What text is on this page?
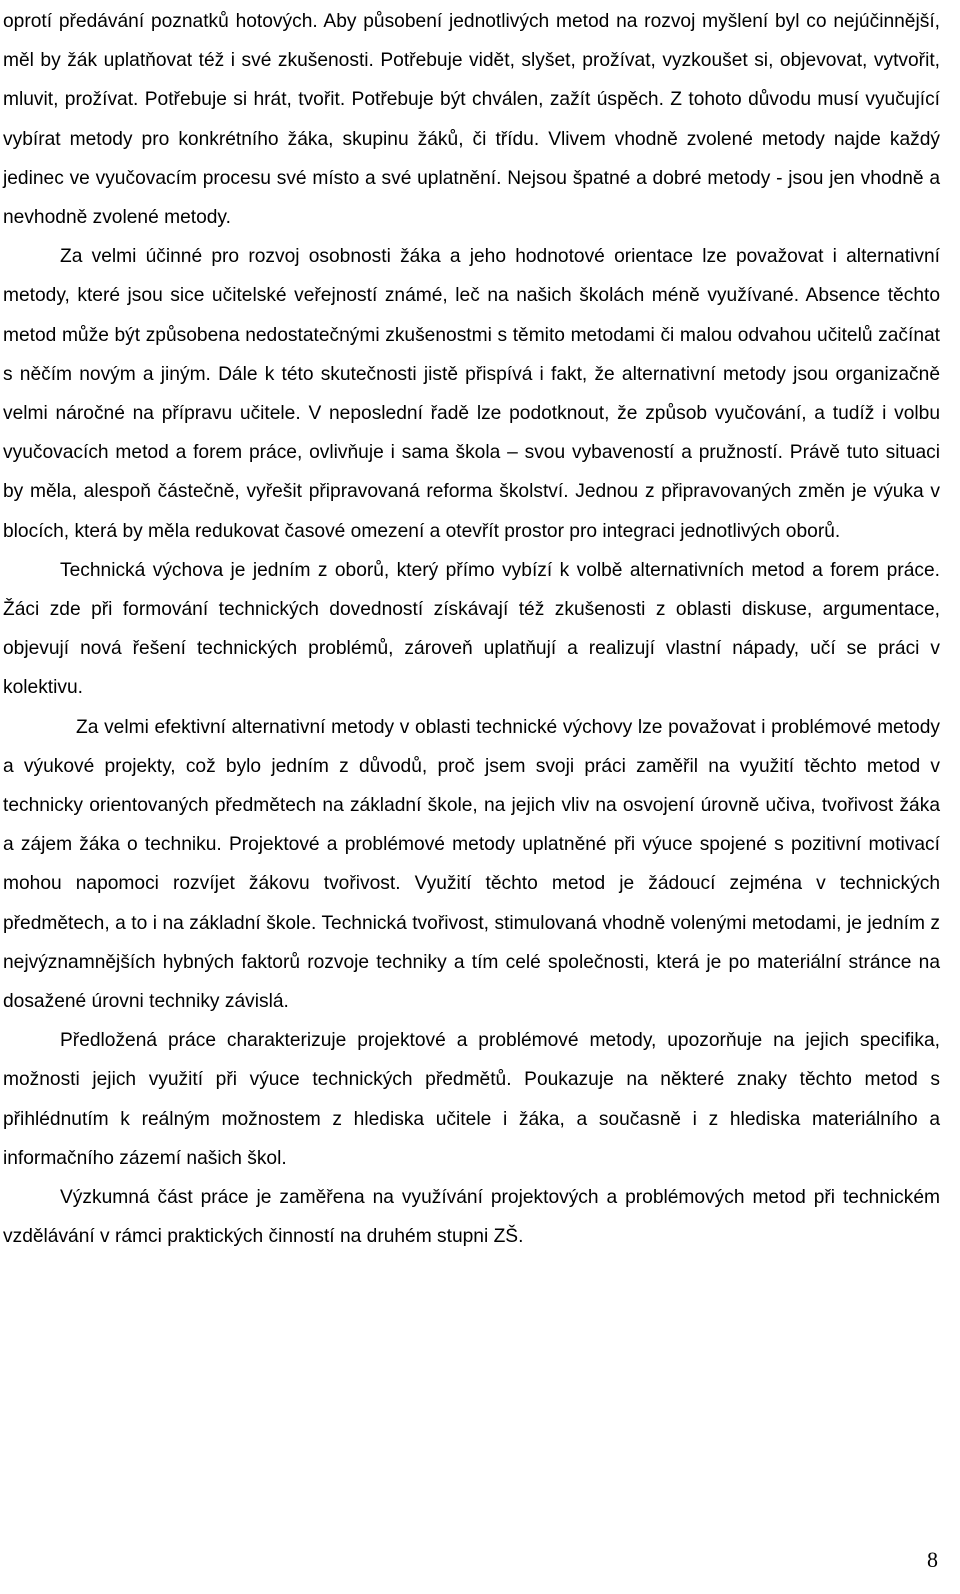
oprotí předávání poznatků hotových. Aby působení jednotlivých metod na rozvoj myšlení byl co nejúčinnější, měl by žák uplatňovat též i své zkušenosti. Potřebuje vidět, slyšet, prožívat, vyzkoušet si, objevovat, vytvořit, mluvit, prožívat. Potřebuje si hrát, tvořit. Potřebuje být chválen, zažít úspěch. Z tohoto důvodu musí vyučující vybírat metody pro konkrétního žáka, skupinu žáků, či třídu. Vlivem vhodně zvolené metody najde každý jedinec ve vyučovacím procesu své místo a své uplatnění. Nejsou špatné a dobré metody - jsou jen vhodně a nevhodně zvolené metody.

Za velmi účinné pro rozvoj osobnosti žáka a jeho hodnotové orientace lze považovat i alternativní metody, které jsou sice učitelské veřejností známé, leč na našich školách méně využívané. Absence těchto metod může být způsobena nedostatečnými zkušenostmi s těmito metodami či malou odvahou učitelů začínat s něčím novým a jiným. Dále k této skutečnosti jistě přispívá i fakt, že alternativní metody jsou organizačně velmi náročné na přípravu učitele. V neposlední řadě lze podotknout, že způsob vyučování, a tudíž i volbu vyučovacích metod a forem práce, ovlivňuje i sama škola – svou vybaveností a pružností. Právě tuto situaci by měla, alespoň částečně, vyřešit připravovaná reforma školství. Jednou z připravovaných změn je výuka v blocích, která by měla redukovat časové omezení a otevřít prostor pro integraci jednotlivých oborů.

Technická výchova je jedním z oborů, který přímo vybízí k volbě alternativních metod a forem práce. Žáci zde při formování technických dovedností získávají též zkušenosti z oblasti diskuse, argumentace, objevují nová řešení technických problémů, zároveň uplatňují a realizují vlastní nápady, učí se práci v kolektivu.

Za velmi efektivní alternativní metody v oblasti technické výchovy lze považovat i problémové metody a výukové projekty, což bylo jedním z důvodů, proč jsem svoji práci zaměřil na využití těchto metod v technicky orientovaných předmětech na základní škole, na jejich vliv na osvojení úrovně učiva, tvořivost žáka a zájem žáka o techniku. Projektové a problémové metody uplatněné při výuce spojené s pozitivní motivací mohou napomoci rozvíjet žákovu tvořivost. Využití těchto metod je žádoucí zejména v technických předmětech, a to i na základní škole. Technická tvořivost, stimulovaná vhodně volenými metodami, je jedním z nejvýznamnějších hybných faktorů rozvoje techniky a tím celé společnosti, která je po materiální stránce na dosažené úrovni techniky závislá.

Předložená práce charakterizuje projektové a problémové metody, upozorňuje na jejich specifika, možnosti jejich využití při výuce technických předmětů. Poukazuje na některé znaky těchto metod s přihlédnutím k reálným možnostem z hlediska učitele i žáka, a současně i z hlediska materiálního a informačního zázemí našich škol.

Výzkumná část práce je zaměřena na využívání projektových a problémových metod při technickém vzdělávání v rámci praktických činností na druhém stupni ZŠ.

8
